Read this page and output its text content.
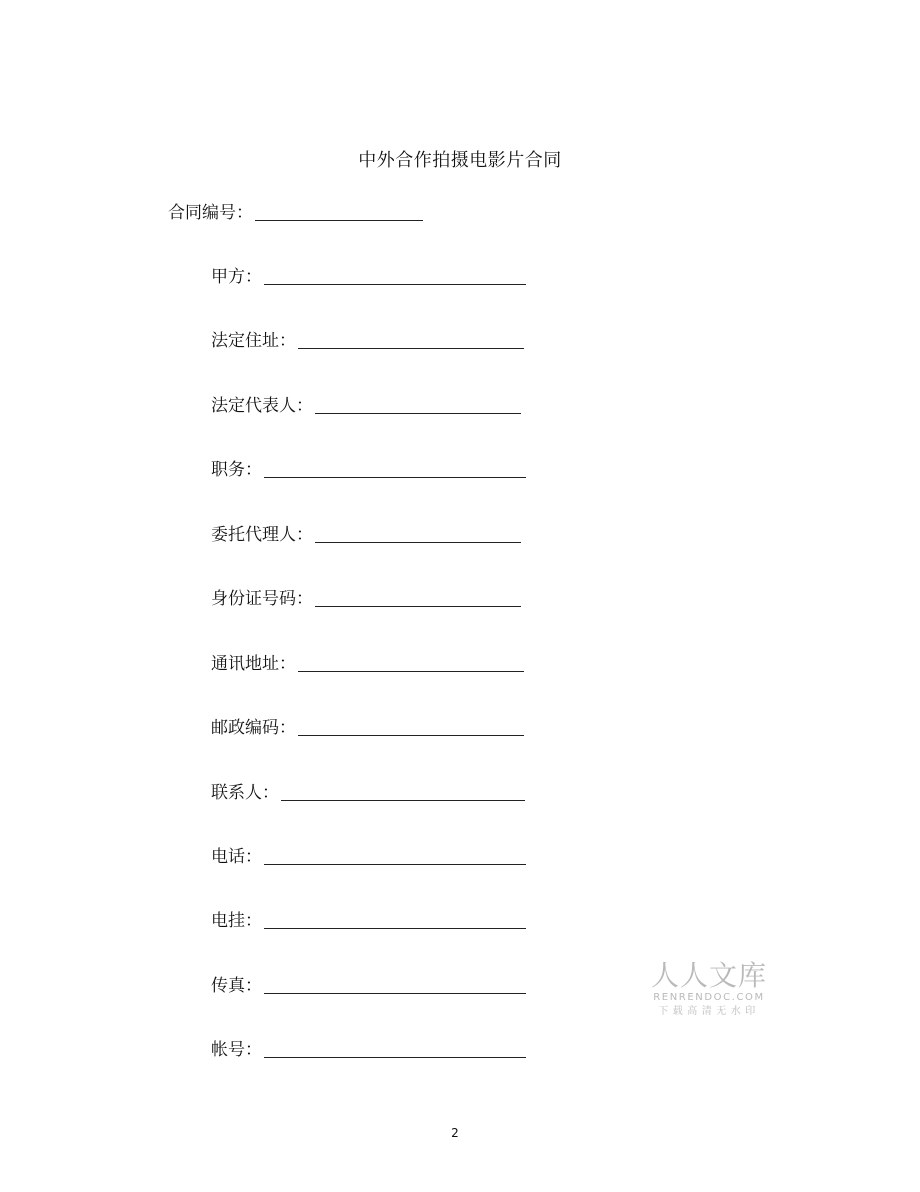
中外合作拍摄电影片合同
合同编号：
甲方：
法定住址：
法定代表人：
职务：
委托代理人：
身份证号码：
通讯地址：
邮政编码：
联系人：
电话：
电挂：
传真：
帐号：
人人文库
RENRENDOC.COM
下载高清无水印
2
